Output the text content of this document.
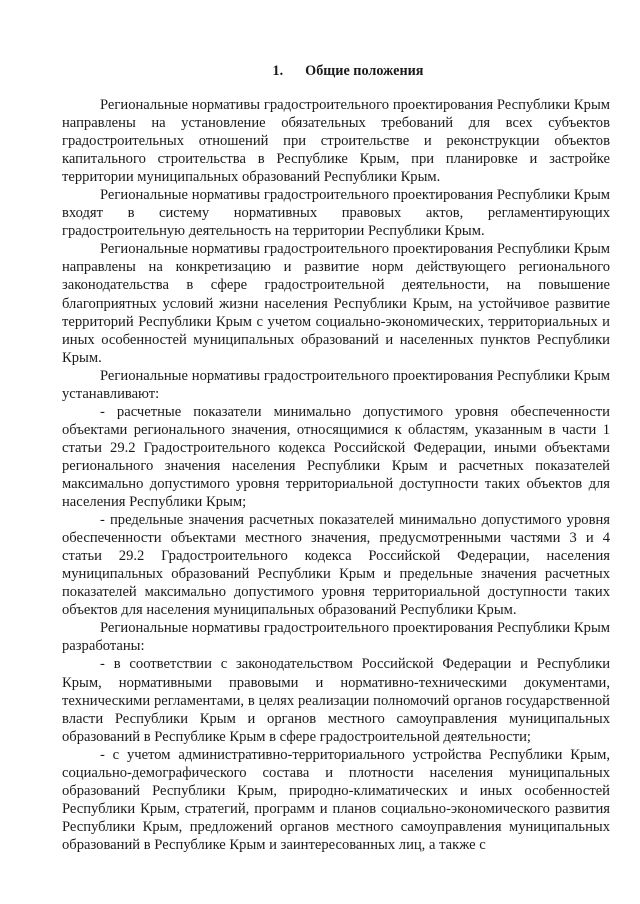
1. Общие положения

Региональные нормативы градостроительного проектирования Республики Крым направлены на установление обязательных требований для всех субъектов градостроительных отношений при строительстве и реконструкции объектов капитального строительства в Республике Крым, при планировке и застройке территории муниципальных образований Республики Крым.

Региональные нормативы градостроительного проектирования Республики Крым входят в систему нормативных правовых актов, регламентирующих градостроительную деятельность на территории Республики Крым.

Региональные нормативы градостроительного проектирования Республики Крым направлены на конкретизацию и развитие норм действующего регионального законодательства в сфере градостроительной деятельности, на повышение благоприятных условий жизни населения Республики Крым, на устойчивое развитие территорий Республики Крым с учетом социально-экономических, территориальных и иных особенностей муниципальных образований и населенных пунктов Республики Крым.

Региональные нормативы градостроительного проектирования Республики Крым устанавливают:

- расчетные показатели минимально допустимого уровня обеспеченности объектами регионального значения, относящимися к областям, указанным в части 1 статьи 29.2 Градостроительного кодекса Российской Федерации, иными объектами регионального значения населения Республики Крым и расчетных показателей максимально допустимого уровня территориальной доступности таких объектов для населения Республики Крым;

- предельные значения расчетных показателей минимально допустимого уровня обеспеченности объектами местного значения, предусмотренными частями 3 и 4 статьи 29.2 Градостроительного кодекса Российской Федерации, населения муниципальных образований Республики Крым и предельные значения расчетных показателей максимально допустимого уровня территориальной доступности таких объектов для населения муниципальных образований Республики Крым.

Региональные нормативы градостроительного проектирования Республики Крым разработаны:

- в соответствии с законодательством Российской Федерации и Республики Крым, нормативными правовыми и нормативно-техническими документами, техническими регламентами, в целях реализации полномочий органов государственной власти Республики Крым и органов местного самоуправления муниципальных образований в Республике Крым в сфере градостроительной деятельности;

- с учетом административно-территориального устройства Республики Крым, социально-демографического состава и плотности населения муниципальных образований Республики Крым, природно-климатических и иных особенностей Республики Крым, стратегий, программ и планов социально-экономического развития Республики Крым, предложений органов местного самоуправления муниципальных образований в Республике Крым и заинтересованных лиц, а также с
